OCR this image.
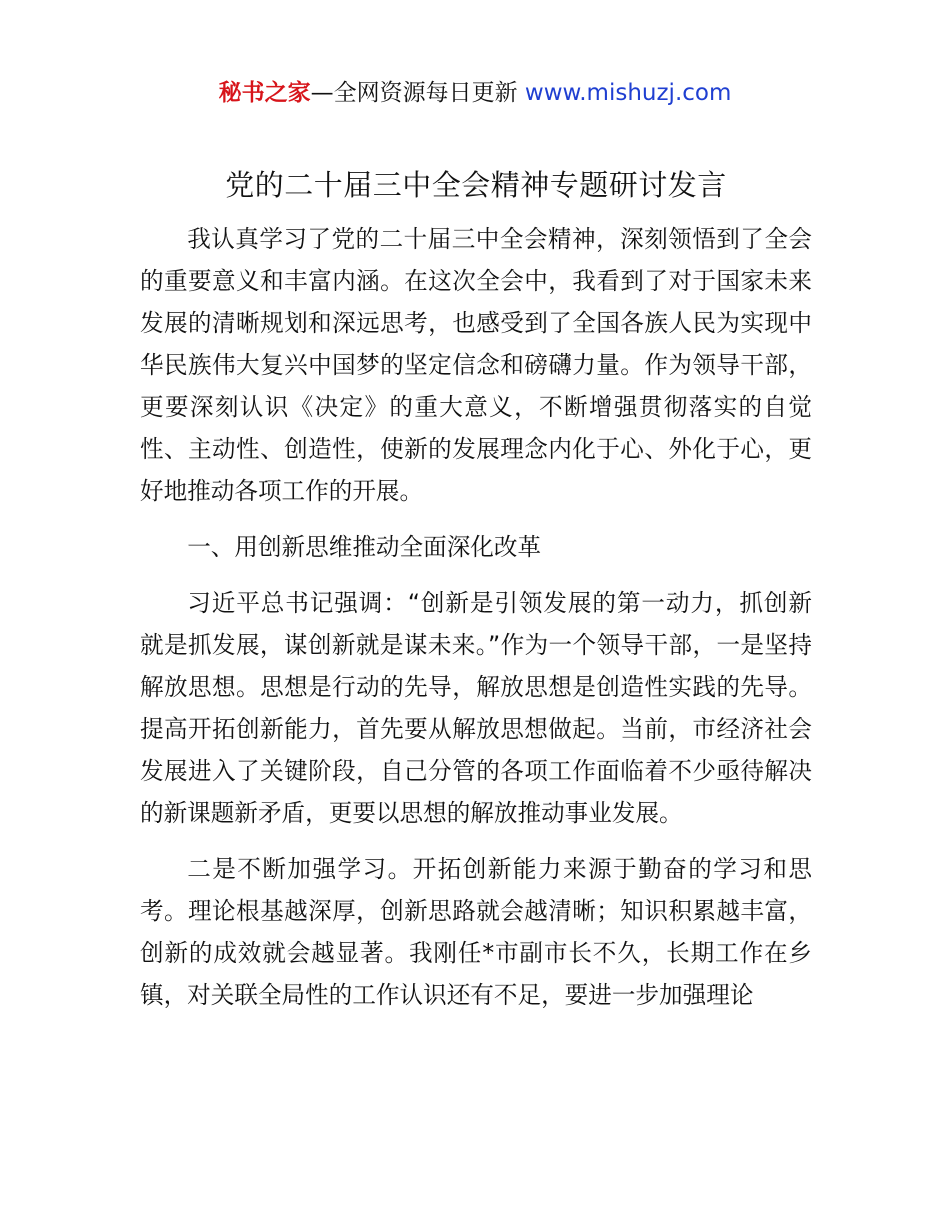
秘书之家—全网资源每日更新 www.mishuzj.com
党的二十届三中全会精神专题研讨发言

我认真学习了党的二十届三中全会精神，深刻领悟到了全会的重要意义和丰富内涵。在这次全会中，我看到了对于国家未来发展的清晰规划和深远思考，也感受到了全国各族人民为实现中华民族伟大复兴中国梦的坚定信念和磅礴力量。作为领导干部，更要深刻认识《决定》的重大意义，不断增强贯彻落实的自觉性、主动性、创造性，使新的发展理念内化于心、外化于心，更好地推动各项工作的开展。

一、用创新思维推动全面深化改革

习近平总书记强调：“创新是引领发展的第一动力，抓创新就是抓发展，谋创新就是谋未来。”作为一个领导干部，一是坚持解放思想。思想是行动的先导，解放思想是创造性实践的先导。提高开拓创新能力，首先要从解放思想做起。当前，市经济社会发展进入了关键阶段，自己分管的各项工作面临着不少亟待解决的新课题新矛盾，更要以思想的解放推动事业发展。

二是不断加强学习。开拓创新能力来源于勤奋的学习和思考。理论根基越深厚，创新思路就会越清晰；知识积累越丰富，创新的成效就会越显著。我刚任*市副市长不久，长期工作在乡镇，对关联全局性的工作认识还有不足，要进一步加强理论
